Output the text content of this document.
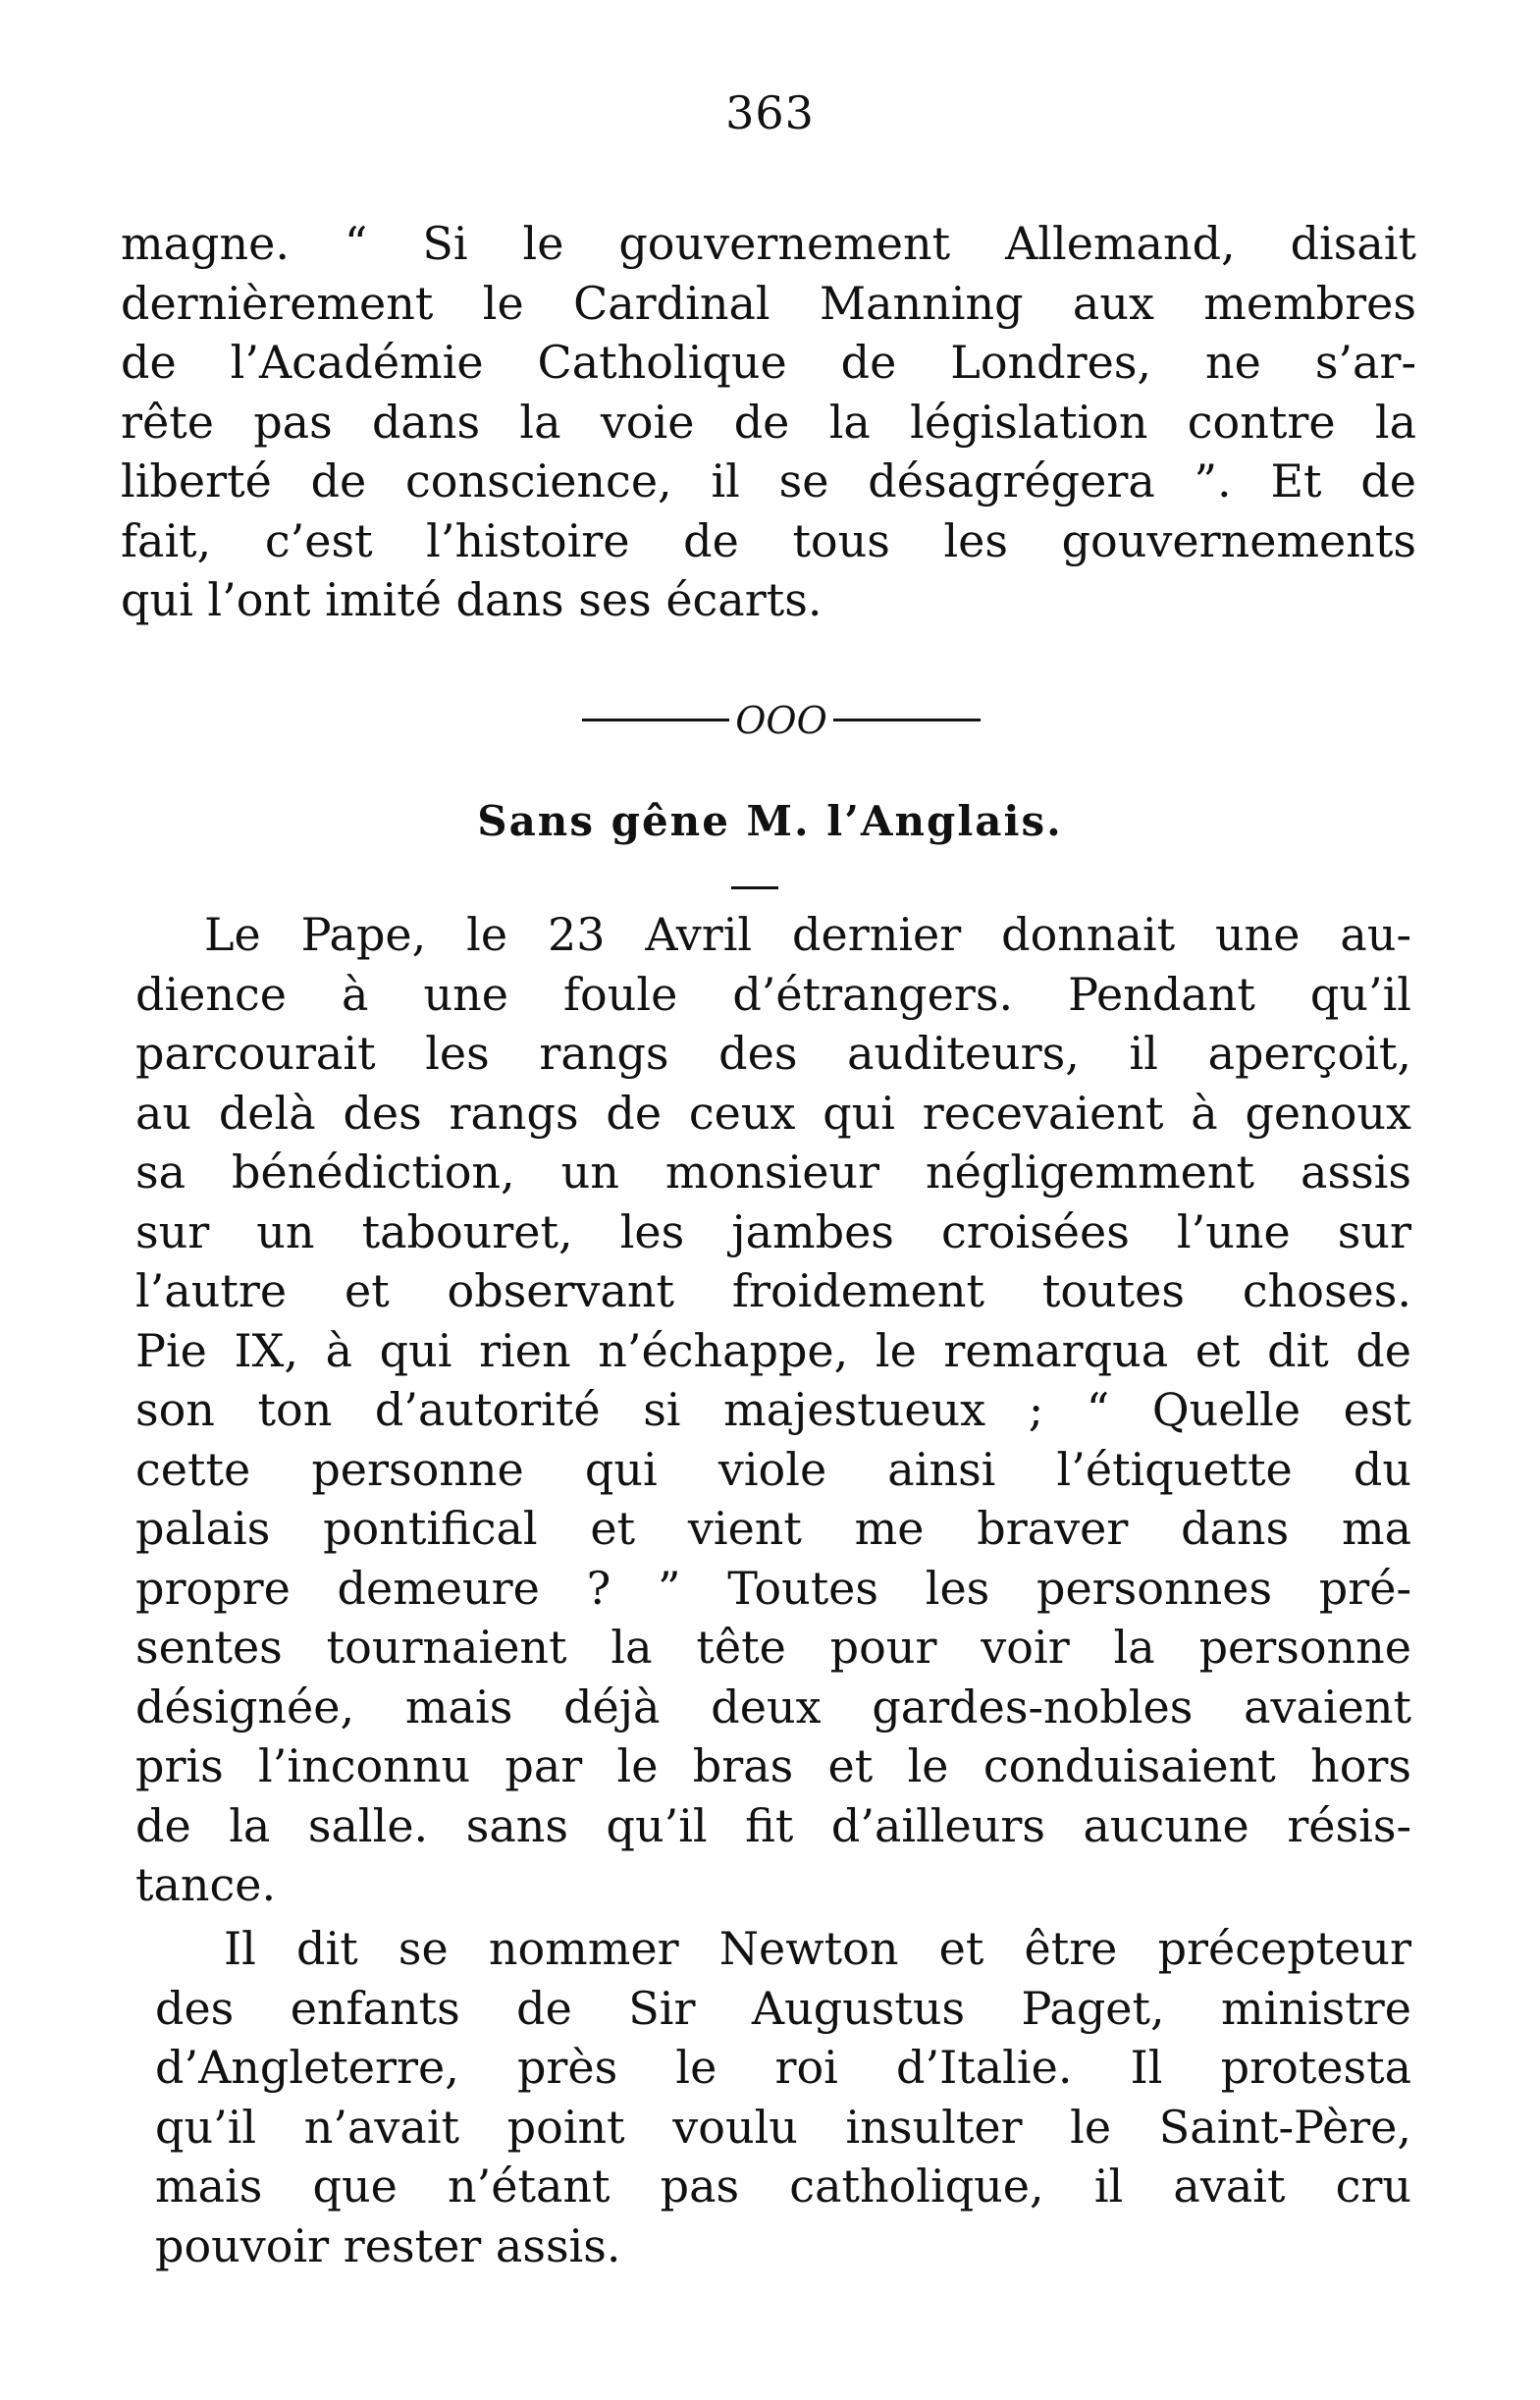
363
magne. “ Si le gouvernement Allemand, disait
dernièrement le Cardinal Manning aux membres
de l’Académie Catholique de Londres, ne s’ar-
rête pas dans la voie de la législation contre la
liberté de conscience, il se désagrégera ”. Et de
fait, c’est l’histoire de tous les gouvernements
qui l’ont imité dans ses écarts.
OOO
Sans gêne M. l’Anglais.
Le Pape, le 23 Avril dernier donnait une au-
dience à une foule d’étrangers. Pendant qu’il
parcourait les rangs des auditeurs, il aperçoit,
au delà des rangs de ceux qui recevaient à genoux
sa bénédiction, un monsieur négligemment assis
sur un tabouret, les jambes croisées l’une sur
l’autre et observant froidement toutes choses.
Pie IX, à qui rien n’échappe, le remarqua et dit de
son ton d’autorité si majestueux ; “ Quelle est
cette personne qui viole ainsi l’étiquette du
palais pontifical et vient me braver dans ma
propre demeure ? ” Toutes les personnes pré-
sentes tournaient la tête pour voir la personne
désignée, mais déjà deux gardes-nobles avaient
pris l’inconnu par le bras et le conduisaient hors
de la salle. sans qu’il fit d’ailleurs aucune résis-
tance.
Il dit se nommer Newton et être précepteur
des enfants de Sir Augustus Paget, ministre
d’Angleterre, près le roi d’Italie. Il protesta
qu’il n’avait point voulu insulter le Saint-Père,
mais que n’étant pas catholique, il avait cru
pouvoir rester assis.
